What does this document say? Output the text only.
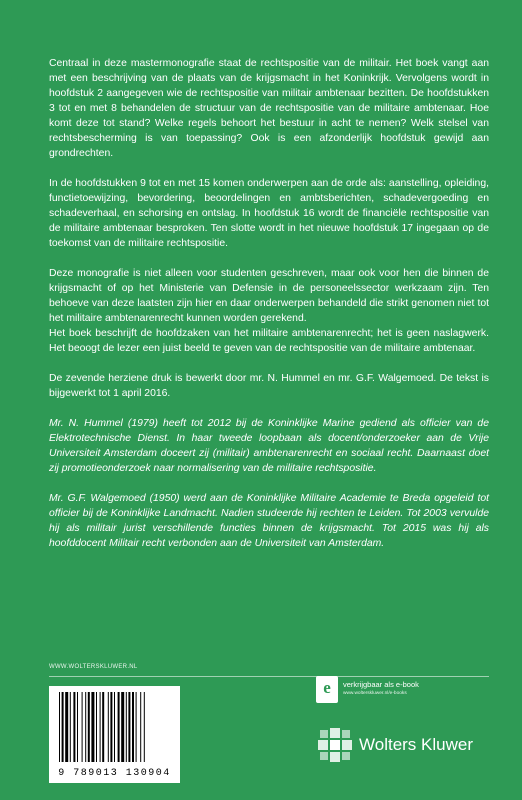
Centraal in deze mastermonografie staat de rechtspositie van de militair. Het boek vangt aan met een beschrijving van de plaats van de krijgsmacht in het Koninkrijk. Vervolgens wordt in hoofdstuk 2 aangegeven wie de rechtspositie van militair ambtenaar bezitten. De hoofdstukken 3 tot en met 8 behandelen de structuur van de rechtspositie van de militaire ambtenaar. Hoe komt deze tot stand? Welke regels behoort het bestuur in acht te nemen? Welk stelsel van rechtsbescherming is van toepassing? Ook is een afzonderlijk hoofdstuk gewijd aan grondrechten.

In de hoofdstukken 9 tot en met 15 komen onderwerpen aan de orde als: aanstelling, opleiding, functietoewijzing, bevordering, beoordelingen en ambtsberichten, schadevergoeding en schadeverhaal, en schorsing en ontslag. In hoofdstuk 16 wordt de financiële rechtspositie van de militaire ambtenaar besproken. Ten slotte wordt in het nieuwe hoofdstuk 17 ingegaan op de toekomst van de militaire rechtspositie.

Deze monografie is niet alleen voor studenten geschreven, maar ook voor hen die binnen de krijgsmacht of op het Ministerie van Defensie in de personeelssector werkzaam zijn. Ten behoeve van deze laatsten zijn hier en daar onderwerpen behandeld die strikt genomen niet tot het militaire ambtenarenrecht kunnen worden gerekend.

Het boek beschrijft de hoofdzaken van het militaire ambtenarenrecht; het is geen naslagwerk. Het beoogt de lezer een juist beeld te geven van de rechtspositie van de militaire ambtenaar.

De zevende herziene druk is bewerkt door mr. N. Hummel en mr. G.F. Walgemoed. De tekst is bijgewerkt tot 1 april 2016.

Mr. N. Hummel (1979) heeft tot 2012 bij de Koninklijke Marine gediend als officier van de Elektrotechnische Dienst. In haar tweede loopbaan als docent/onderzoeker aan de Vrije Universiteit Amsterdam doceert zij (militair) ambtenarenrecht en sociaal recht. Daarnaast doet zij promotieonderzoek naar normalisering van de militaire rechtspositie.

Mr. G.F. Walgemoed (1950) werd aan de Koninklijke Militaire Academie te Breda opgeleid tot officier bij de Koninklijke Landmacht. Nadien studeerde hij rechten te Leiden. Tot 2003 vervulde hij als militair jurist verschillende functies binnen de krijgsmacht. Tot 2015 was hij als hoofddocent Militair recht verbonden aan de Universiteit van Amsterdam.

WWW.WOLTERSKLUWER.NL
9 789013 130904
e	verkrijgbaar als e-book
www.wolterskluwer.nl/e-books
Wolters Kluwer
